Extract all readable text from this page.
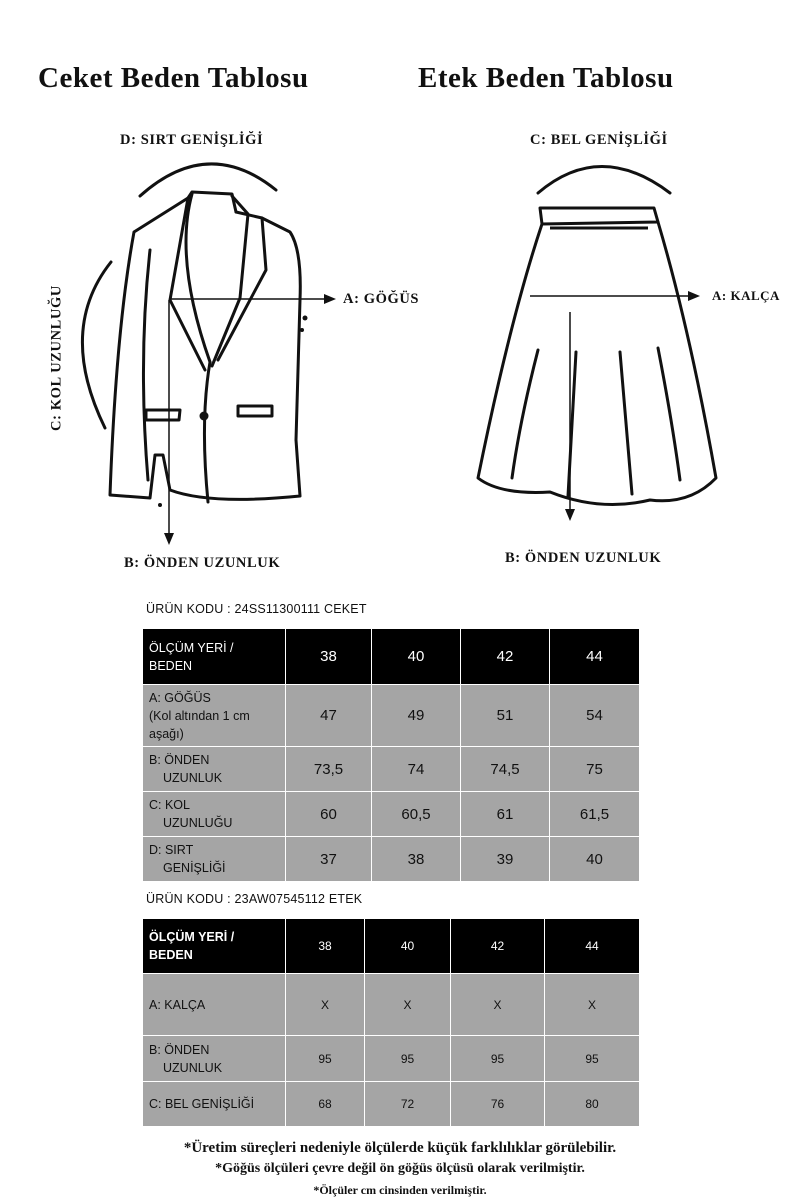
Ceket Beden Tablosu	Etek Beden Tablosu
D: SIRT GENİŞLİĞİ
A: GÖĞÜS
C: KOL UZUNLUĞU
B: ÖNDEN UZUNLUK
C: BEL GENİŞLİĞİ
A: KALÇA
B: ÖNDEN UZUNLUK
ÜRÜN KODU : 24SS11300111 CEKET
ÖLÇÜM YERİ /
BEDEN	38	40	42	44
A: GÖĞÜS
(Kol altından 1 cm
aşağı)	47	49	51	54
B: ÖNDEN
UZUNLUK	73,5	74	74,5	75
C: KOL
UZUNLUĞU	60	60,5	61	61,5
D: SIRT
GENİŞLİĞİ	37	38	39	40
ÜRÜN KODU : 23AW07545112 ETEK
ÖLÇÜM YERİ /
BEDEN	38	40	42	44
A: KALÇA	X	X	X	X
B: ÖNDEN
UZUNLUK	95	95	95	95
C: BEL GENİŞLİĞİ	68	72	76	80
*Üretim süreçleri nedeniyle ölçülerde küçük farklılıklar görülebilir.
*Göğüs ölçüleri çevre değil ön göğüs ölçüsü olarak verilmiştir.
*Ölçüler cm cinsinden verilmiştir.
